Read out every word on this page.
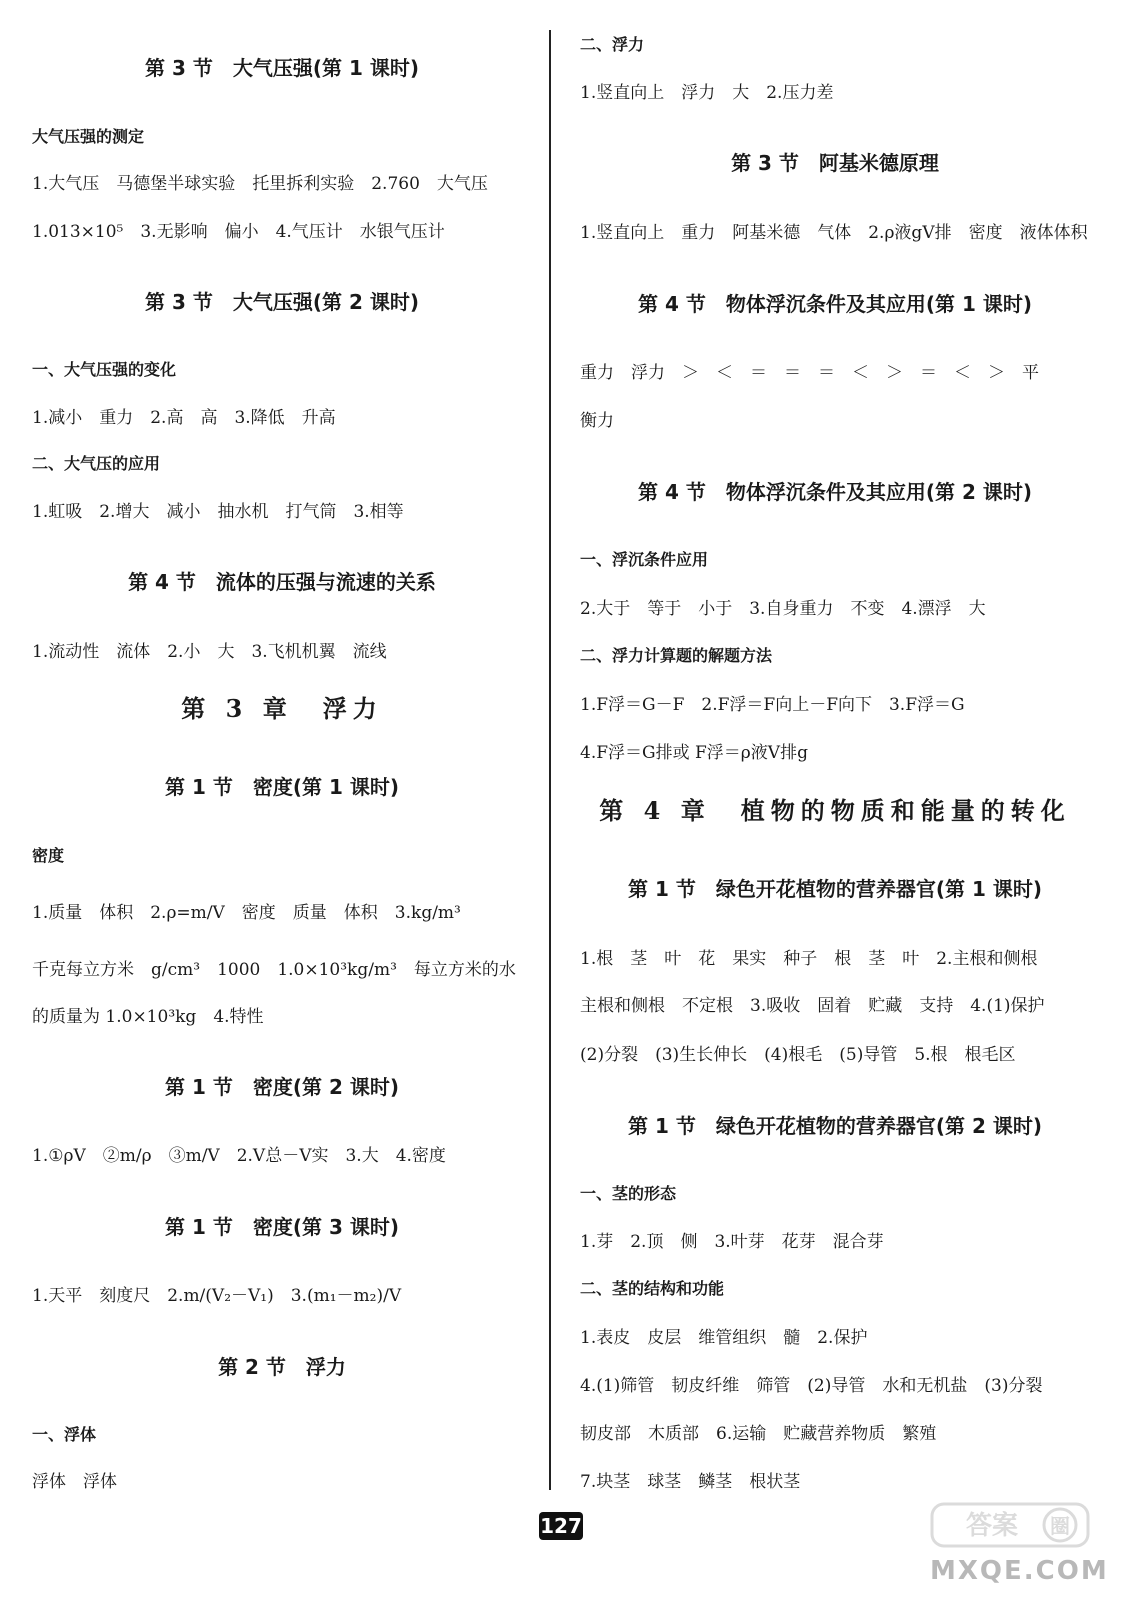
第 3 节　大气压强(第 1 课时)
大气压强的测定
1.大气压　马德堡半球实验　托里拆利实验　2.760　大气压
1.013×10⁵　3.无影响　偏小　4.气压计　水银气压计
第 3 节　大气压强(第 2 课时)
一、大气压强的变化
1.减小　重力　2.高　高　3.降低　升高
二、大气压的应用
1.虹吸　2.增大　减小　抽水机　打气筒　3.相等
第 4 节　流体的压强与流速的关系
1.流动性　流体　2.小　大　3.飞机机翼　流线
第 3 章　浮力
第 1 节　密度(第 1 课时)
密度
1.质量　体积　2.ρ=m/V　密度　质量　体积　3.kg/m³
千克每立方米　g/cm³　1000　1.0×10³kg/m³　每立方米的水
的质量为 1.0×10³kg　4.特性
第 1 节　密度(第 2 课时)
1.①ρV　②m/ρ　③m/V　2.V总－V实　3.大　4.密度
第 1 节　密度(第 3 课时)
1.天平　刻度尺　2.m/(V₂－V₁)　3.(m₁－m₂)/V
第 2 节　浮力
一、浮体
浮体　浮体
二、浮力
1.竖直向上　浮力　大　2.压力差
第 3 节　阿基米德原理
1.竖直向上　重力　阿基米德　气体　2.ρ液gV排　密度　液体体积
第 4 节　物体浮沉条件及其应用(第 1 课时)
重力　浮力　＞　＜　＝　＝　＝　＜　＞　＝　＜　＞　平
衡力
第 4 节　物体浮沉条件及其应用(第 2 课时)
一、浮沉条件应用
2.大于　等于　小于　3.自身重力　不变　4.漂浮　大
二、浮力计算题的解题方法
1.F浮＝G－F　2.F浮＝F向上－F向下　3.F浮＝G
4.F浮＝G排或 F浮＝ρ液V排g
第 4 章　植物的物质和能量的转化
第 1 节　绿色开花植物的营养器官(第 1 课时)
1.根　茎　叶　花　果实　种子　根　茎　叶　2.主根和侧根
主根和侧根　不定根　3.吸收　固着　贮藏　支持　4.(1)保护
(2)分裂　(3)生长伸长　(4)根毛　(5)导管　5.根　根毛区
第 1 节　绿色开花植物的营养器官(第 2 课时)
一、茎的形态
1.芽　2.顶　侧　3.叶芽　花芽　混合芽
二、茎的结构和功能
1.表皮　皮层　维管组织　髓　2.保护
4.(1)筛管　韧皮纤维　筛管　(2)导管　水和无机盐　(3)分裂
韧皮部　木质部　6.运输　贮藏营养物质　繁殖
7.块茎　球茎　鳞茎　根状茎
127	答案 圈
MXQE.COM
